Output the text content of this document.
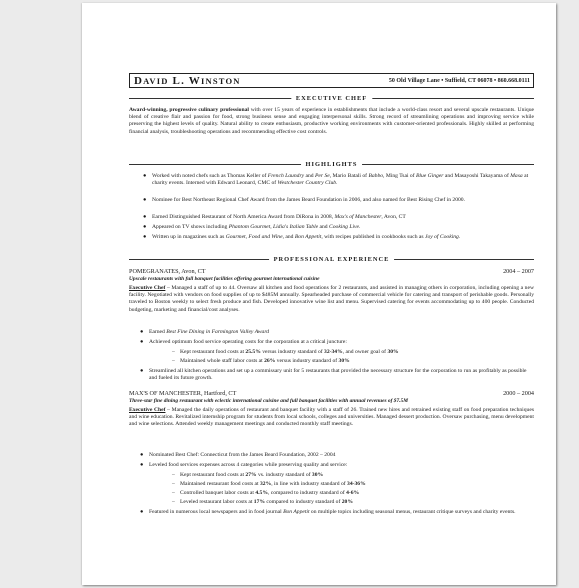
DAVID L. WINSTON	50 Old Village Lane • Suffield, CT 06078 • 860.668.0111
EXECUTIVE CHEF

Award-winning, progressive culinary professional with over 15 years of experience in establishments that include a world-class resort and several upscale restaurants. Unique blend of creative flair and passion for food, strong business sense and engaging interpersonal skills. Strong record of streamlining operations and improving service while preserving the highest levels of quality. Natural ability to create enthusiasm, productive working environments with customer-oriented professionals. Highly skilled at performing financial analysis, troubleshooting operations and recommending effective cost controls.

HIGHLIGHTS
● Worked with noted chefs such as Thomas Keller of French Laundry and Per Se, Mario Batali of Babbo, Ming Tsai of Blue Ginger and Masayoshi Takayama of Masa at charity events. Interned with Edward Leonard, CMC of Westchester Country Club.
● Nominee for Best Northeast Regional Chef Award from the James Beard Foundation in 2006, and also named for Best Rising Chef in 2000.
● Earned Distinguished Restaurant of North America Award from DiRona in 2008, Max's of Manchester, Avon, CT
● Appeared on TV shows including Phantom Gourmet, Lidia's Italian Table and Cooking Live.
● Written up in magazines such as Gourmet, Food and Wine, and Bon Appetit, with recipes published in cookbooks such as Joy of Cooking.
PROFESSIONAL EXPERIENCE
POMEGRANATES, Avon, CT	2004 – 2007
Upscale restaurants with full banquet facilities offering gourmet international cuisine

Executive Chef – Managed a staff of up to 44. Oversaw all kitchen and food operations for 2 restaurants, and assisted in managing others in corporation, including opening a new facility. Negotiated with vendors on food supplies of up to $485M annually. Spearheaded purchase of commercial vehicle for catering and transport of perishable goods. Personally traveled to Boston weekly to select fresh produce and fish. Developed innovative wine list and menu. Supervised catering for events accommodating up to 400 people. Conducted budgeting, marketing and financial/cost analyses.

● Earned Best Fine Dining in Farmington Valley Award
● Achieved optimum food service operating costs for the corporation at a critical juncture:
– Kept restaurant food costs at 25.5% versus industry standard of 32-34%, and owner goal of 30%
– Maintained whole staff labor costs at 26% versus industry standard of 30%
● Streamlined all kitchen operations and set up a commissary unit for 5 restaurants that provided the necessary structure for the corporation to run as profitably as possible and fueled its future growth.
MAX'S OF MANCHESTER, Hartford, CT	2000 – 2004
Three-star fine dining restaurant with eclectic international cuisine and full banquet facilities with annual revenues of $7.5M

Executive Chef – Managed the daily operations of restaurant and banquet facility with a staff of 26. Trained new hires and retrained existing staff on food preparation techniques and wine education. Revitalized internship program for students from local schools, colleges and universities. Managed dessert production. Oversaw purchasing, menu development and wine selections. Attended weekly management meetings and conducted monthly staff meetings.

● Nominated Best Chef: Connecticut from the James Beard Foundation, 2002 – 2004
● Leveled food services expenses across 4 categories while preserving quality and service:
– Kept restaurant food costs at 27% vs. industry standard of 30%
– Maintained restaurant food costs at 32%, in line with industry standard of 34-36%
– Controlled banquet labor costs at 4.5%, compared to industry standard of 4-6%
– Leveled restaurant labor costs at 17% compared to industry standard of 20%
● Featured in numerous local newspapers and in food journal Bon Appetit on multiple topics including seasonal menus, restaurant critique surveys and charity events.
